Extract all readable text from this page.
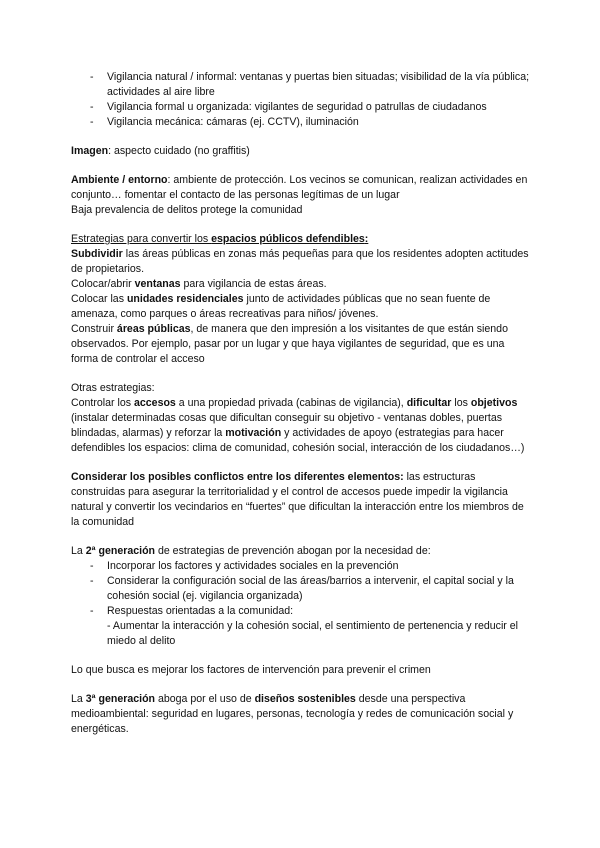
- Vigilancia natural / informal: ventanas y puertas bien situadas; visibilidad de la vía pública; actividades al aire libre
- Vigilancia formal u organizada: vigilantes de seguridad o patrullas de ciudadanos
- Vigilancia mecánica: cámaras (ej. CCTV), iluminación

Imagen: aspecto cuidado (no graffitis)

Ambiente / entorno: ambiente de protección. Los vecinos se comunican, realizan actividades en conjunto… fomentar el contacto de las personas legítimas de un lugar

Baja prevalencia de delitos protege la comunidad

Estrategias para convertir los espacios públicos defendibles:

Subdividir las áreas públicas en zonas más pequeñas para que los residentes adopten actitudes de propietarios.

Colocar/abrir ventanas para vigilancia de estas áreas.

Colocar las unidades residenciales junto de actividades públicas que no sean fuente de amenaza, como parques o áreas recreativas para niños/ jóvenes.

Construir áreas públicas, de manera que den impresión a los visitantes de que están siendo observados. Por ejemplo, pasar por un lugar y que haya vigilantes de seguridad, que es una forma de controlar el acceso

Otras estrategias:

Controlar los accesos a una propiedad privada (cabinas de vigilancia), dificultar los objetivos (instalar determinadas cosas que dificultan conseguir su objetivo - ventanas dobles, puertas blindadas, alarmas) y reforzar la motivación y actividades de apoyo (estrategias para hacer defendibles los espacios: clima de comunidad, cohesión social, interacción de los ciudadanos…)

Considerar los posibles conflictos entre los diferentes elementos: las estructuras construidas para asegurar la territorialidad y el control de accesos puede impedir la vigilancia natural y convertir los vecindarios en “fuertes” que dificultan la interacción entre los miembros de la comunidad

La 2ª generación de estrategias de prevención abogan por la necesidad de:

- Incorporar los factores y actividades sociales en la prevención
- Considerar la configuración social de las áreas/barrios a intervenir, el capital social y la cohesión social (ej. vigilancia organizada)
- Respuestas orientadas a la comunidad:
- Aumentar la interacción y la cohesión social, el sentimiento de pertenencia y reducir el miedo al delito

Lo que busca es mejorar los factores de intervención para prevenir el crimen

La 3ª generación aboga por el uso de diseños sostenibles desde una perspectiva medioambiental: seguridad en lugares, personas, tecnología y redes de comunicación social y energéticas.
